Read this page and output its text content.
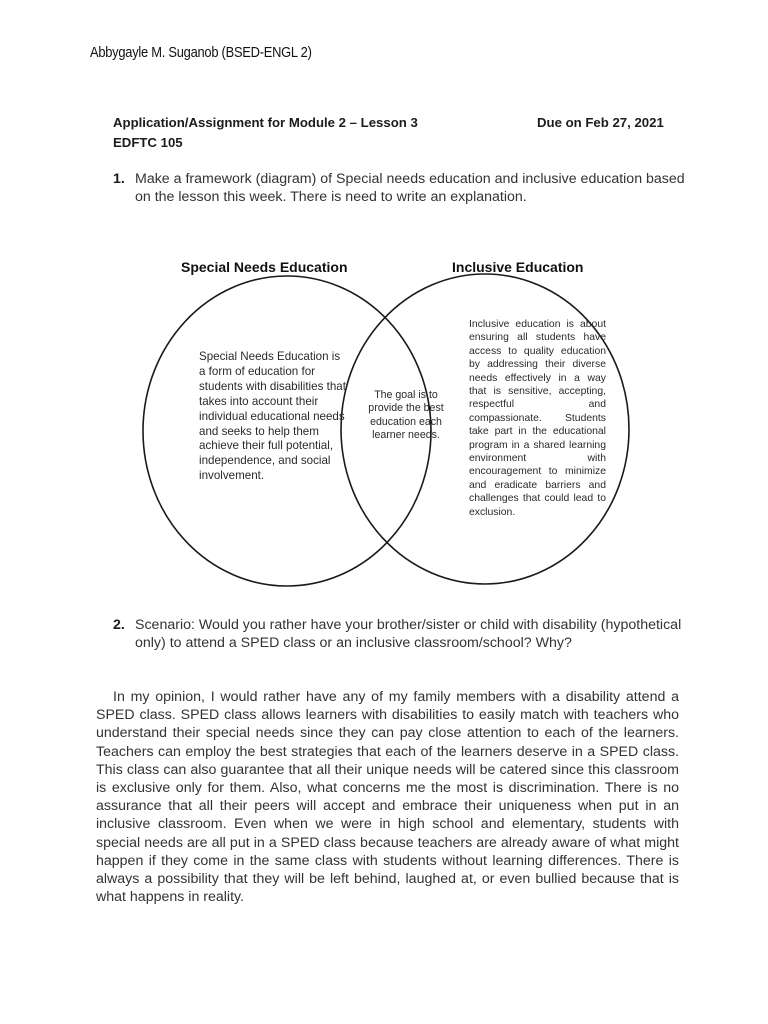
Abbygayle M. Suganob (BSED-ENGL 2)
Application/Assignment for Module 2 – Lesson 3	Due on Feb 27, 2021
EDFTC 105
1. Make a framework (diagram) of Special needs education and inclusive education based on the lesson this week. There is need to write an explanation.
Special Needs Education	Inclusive Education
Special Needs Education is a form of education for students with disabilities that takes into account their individual educational needs and seeks to help them achieve their full potential, independence, and social involvement.
The goal is to provide the best education each learner needs.
Inclusive education is about ensuring all students have access to quality education by addressing their diverse needs effectively in a way that is sensitive, accepting, respectful and compassionate. Students take part in the educational program in a shared learning environment with encouragement to minimize and eradicate barriers and challenges that could lead to exclusion.
2. Scenario: Would you rather have your brother/sister or child with disability (hypothetical only) to attend a SPED class or an inclusive classroom/school? Why?
In my opinion, I would rather have any of my family members with a disability attend a SPED class. SPED class allows learners with disabilities to easily match with teachers who understand their special needs since they can pay close attention to each of the learners. Teachers can employ the best strategies that each of the learners deserve in a SPED class. This class can also guarantee that all their unique needs will be catered since this classroom is exclusive only for them. Also, what concerns me the most is discrimination. There is no assurance that all their peers will accept and embrace their uniqueness when put in an inclusive classroom. Even when we were in high school and elementary, students with special needs are all put in a SPED class because teachers are already aware of what might happen if they come in the same class with students without learning differences. There is always a possibility that they will be left behind, laughed at, or even bullied because that is what happens in reality.
